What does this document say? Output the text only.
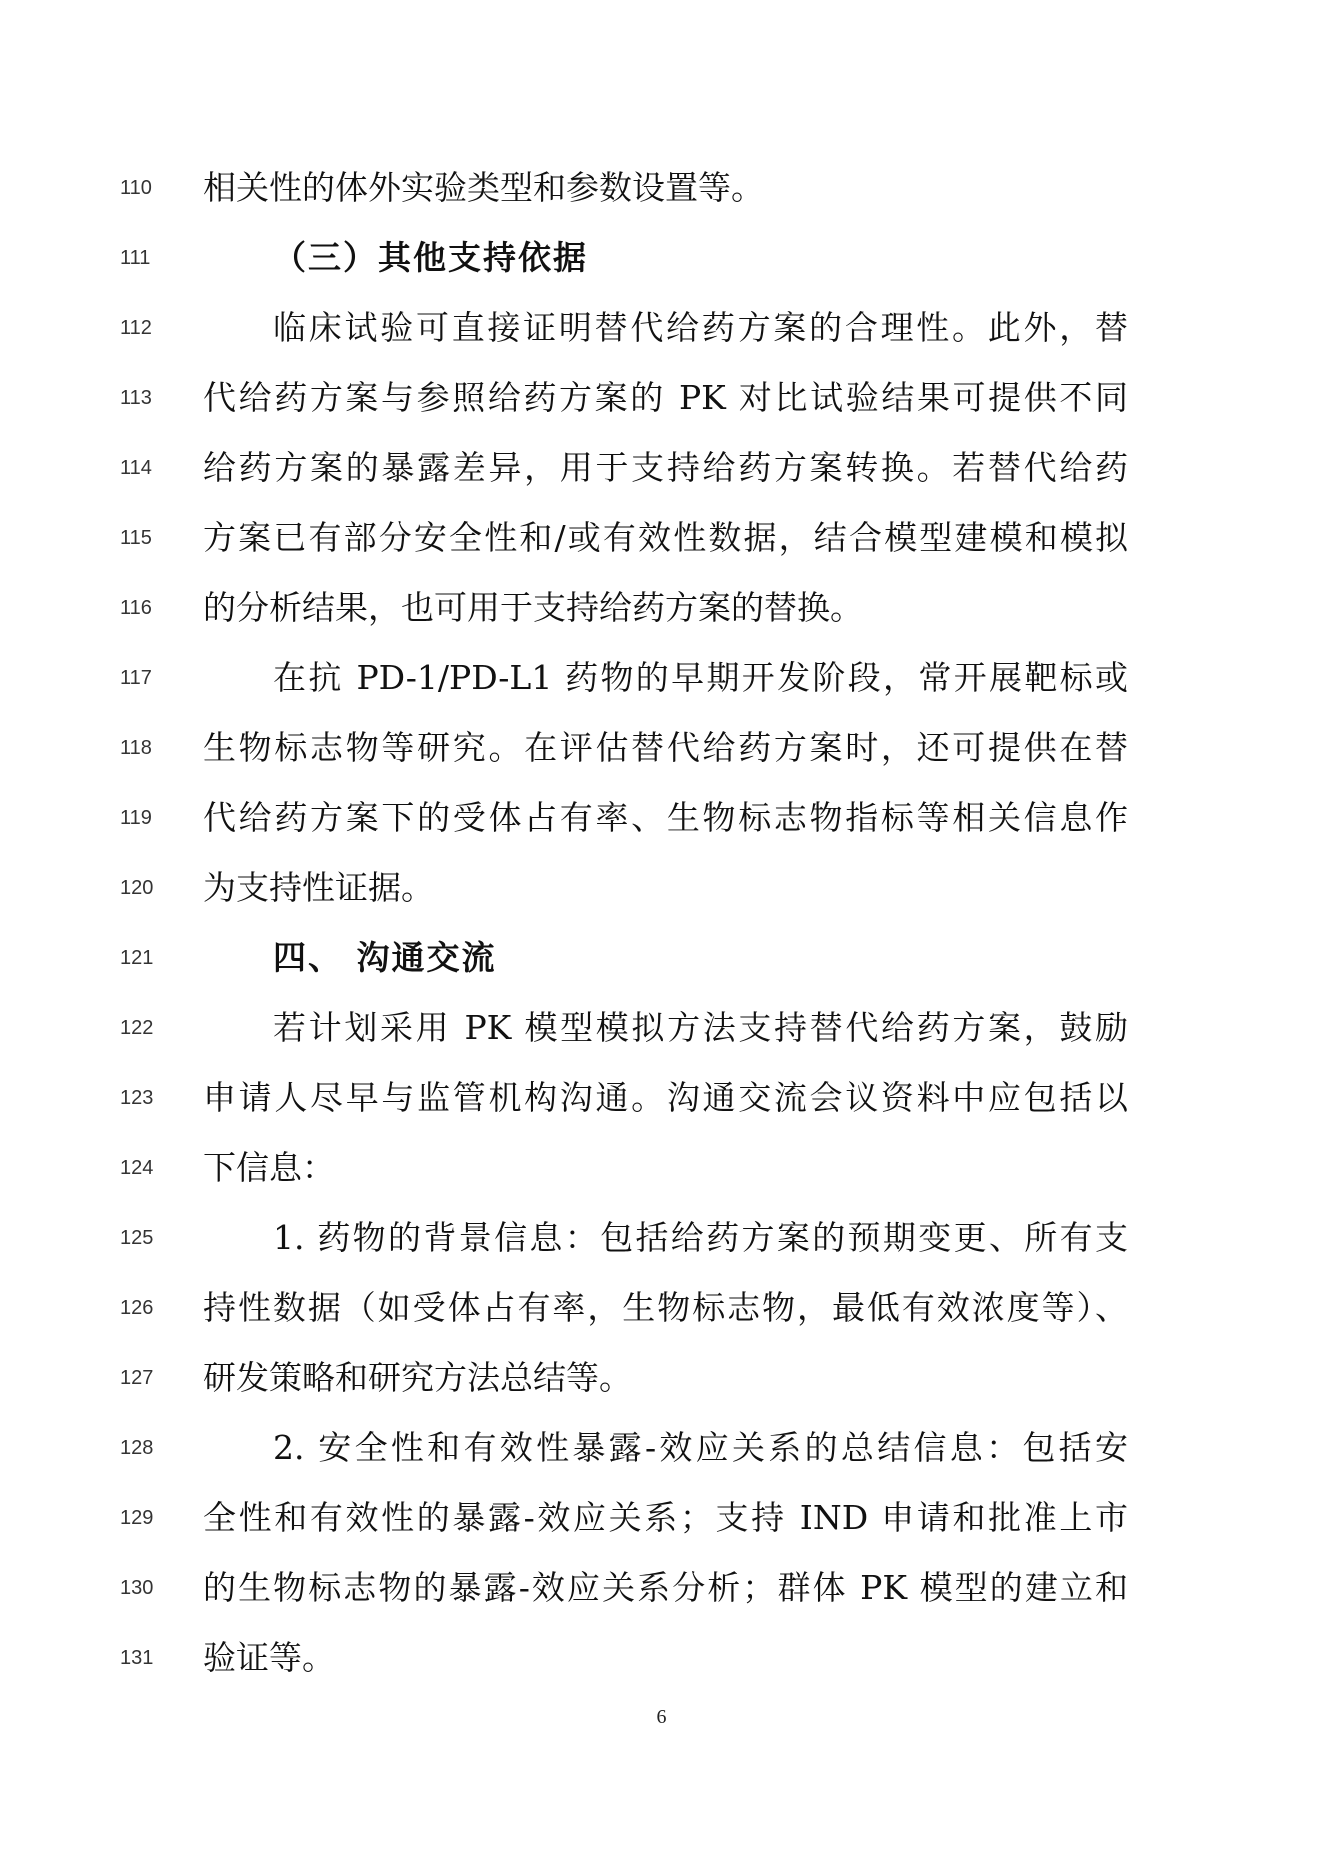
110	相关性的体外实验类型和参数设置等。
111	（三）其他支持依据
112	临床试验可直接证明替代给药方案的合理性。此外，替
113	代给药方案与参照给药方案的 PK 对比试验结果可提供不同
114	给药方案的暴露差异，用于支持给药方案转换。若替代给药
115	方案已有部分安全性和/或有效性数据，结合模型建模和模拟
116	的分析结果，也可用于支持给药方案的替换。
117	在抗 PD-1/PD-L1 药物的早期开发阶段，常开展靶标或
118	生物标志物等研究。在评估替代给药方案时，还可提供在替
119	代给药方案下的受体占有率、生物标志物指标等相关信息作
120	为支持性证据。
121	四、 沟通交流
122	若计划采用 PK 模型模拟方法支持替代给药方案，鼓励
123	申请人尽早与监管机构沟通。沟通交流会议资料中应包括以
124	下信息：
125	1. 药物的背景信息：包括给药方案的预期变更、所有支
126	持性数据（如受体占有率，生物标志物，最低有效浓度等）、
127	研发策略和研究方法总结等。
128	2. 安全性和有效性暴露-效应关系的总结信息：包括安
129	全性和有效性的暴露-效应关系；支持 IND 申请和批准上市
130	的生物标志物的暴露-效应关系分析；群体 PK 模型的建立和
131	验证等。
6
